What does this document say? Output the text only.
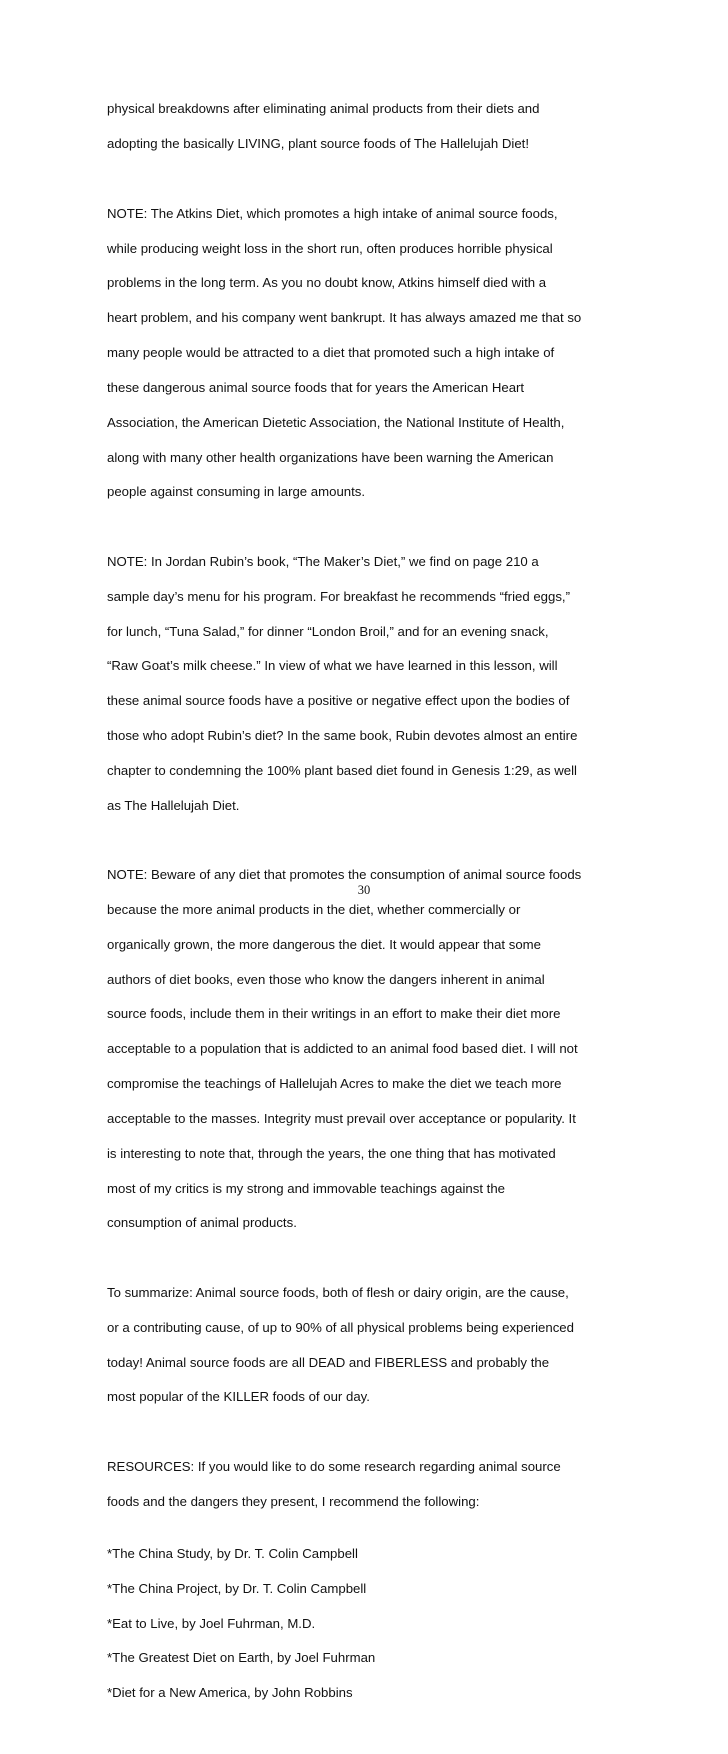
physical breakdowns after eliminating animal products from their diets and

adopting the basically LIVING, plant source foods of The Hallelujah Diet!

NOTE: The Atkins Diet, which promotes a high intake of animal source foods,

while producing weight loss in the short run, often produces horrible physical

problems in the long term. As you no doubt know, Atkins himself died with a

heart problem, and his company went bankrupt. It has always amazed me that so

many people would be attracted to a diet that promoted such a high intake of

these dangerous animal source foods that for years the American Heart

Association, the American Dietetic Association, the National Institute of Health,

along with many other health organizations have been warning the American

people against consuming in large amounts.

NOTE: In Jordan Rubin’s book, “The Maker’s Diet,” we find on page 210 a

sample day’s menu for his program. For breakfast he recommends “fried eggs,”

for lunch, “Tuna Salad,” for dinner “London Broil,” and for an evening snack,

“Raw Goat’s milk cheese.” In view of what we have learned in this lesson, will

these animal source foods have a positive or negative effect upon the bodies of

those who adopt Rubin’s diet? In the same book, Rubin devotes almost an entire

chapter to condemning the 100% plant based diet found in Genesis 1:29, as well

as The Hallelujah Diet.

NOTE: Beware of any diet that promotes the consumption of animal source foods

because the more animal products in the diet, whether commercially or

organically grown, the more dangerous the diet. It would appear that some

authors of diet books, even those who know the dangers inherent in animal

source foods, include them in their writings in an effort to make their diet more

acceptable to a population that is addicted to an animal food based diet. I will not

compromise the teachings of Hallelujah Acres to make the diet we teach more

acceptable to the masses. Integrity must prevail over acceptance or popularity. It

is interesting to note that, through the years, the one thing that has motivated

most of my critics is my strong and immovable teachings against the

consumption of animal products.

To summarize: Animal source foods, both of flesh or dairy origin, are the cause,

or a contributing cause, of up to 90% of all physical problems being experienced

today! Animal source foods are all DEAD and FIBERLESS and probably the

most popular of the KILLER foods of our day.

RESOURCES: If you would like to do some research regarding animal source

foods and the dangers they present, I recommend the following:

*The China Study, by Dr. T. Colin Campbell

*The China Project, by Dr. T. Colin Campbell

*Eat to Live, by Joel Fuhrman, M.D.

*The Greatest Diet on Earth, by Joel Fuhrman

*Diet for a New America, by John Robbins

30
